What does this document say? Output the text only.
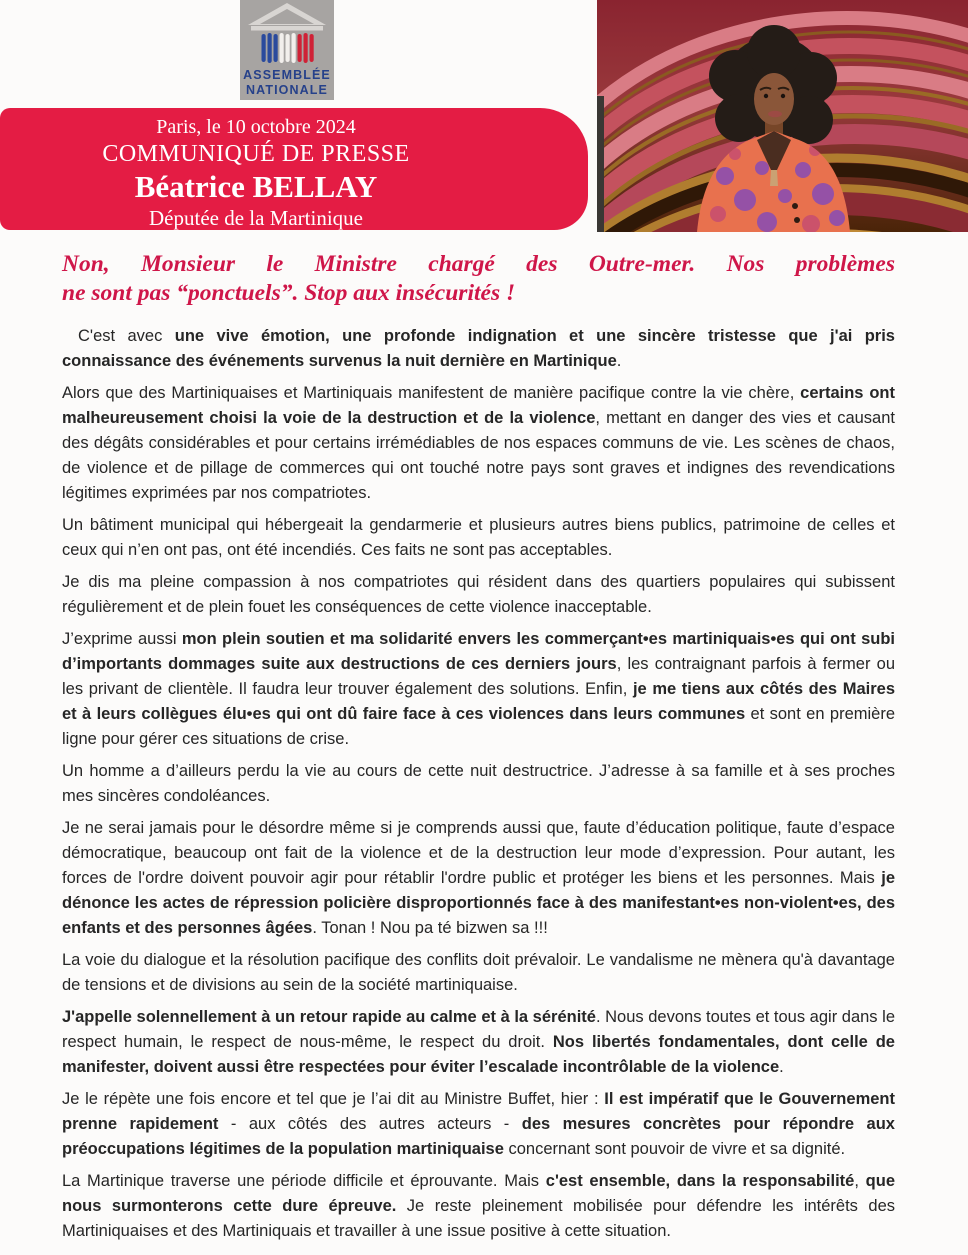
ASSEMBLÉE
NATIONALE
Paris, le 10 octobre 2024
COMMUNIQUÉ DE PRESSE
Béatrice BELLAY
Députée de la Martinique
Non, Monsieur le Ministre chargé des Outre-mer. Nos problèmes
ne sont pas “ponctuels”. Stop aux insécurités !

C'est avec une vive émotion, une profonde indignation et une sincère tristesse que j'ai pris connaissance des événements survenus la nuit dernière en Martinique.

Alors que des Martiniquaises et Martiniquais manifestent de manière pacifique contre la vie chère, certains ont malheureusement choisi la voie de la destruction et de la violence, mettant en danger des vies et causant des dégâts considérables et pour certains irrémédiables de nos espaces communs de vie. Les scènes de chaos, de violence et de pillage de commerces qui ont touché notre pays sont graves et indignes des revendications légitimes exprimées par nos compatriotes.

Un bâtiment municipal qui hébergeait la gendarmerie et plusieurs autres biens publics, patrimoine de celles et ceux qui n’en ont pas, ont été incendiés. Ces faits ne sont pas acceptables.

Je dis ma pleine compassion à nos compatriotes qui résident dans des quartiers populaires qui subissent régulièrement et de plein fouet les conséquences de cette violence inacceptable.

J’exprime aussi mon plein soutien et ma solidarité envers les commerçant•es martiniquais•es qui ont subi d’importants dommages suite aux destructions de ces derniers jours, les contraignant parfois à fermer ou les privant de clientèle. Il faudra leur trouver également des solutions. Enfin, je me tiens aux côtés des Maires et à leurs collègues élu•es qui ont dû faire face à ces violences dans leurs communes et sont en première ligne pour gérer ces situations de crise.

Un homme a d’ailleurs perdu la vie au cours de cette nuit destructrice. J’adresse à sa famille et à ses proches mes sincères condoléances.

Je ne serai jamais pour le désordre même si je comprends aussi que, faute d’éducation politique, faute d’espace démocratique, beaucoup ont fait de la violence et de la destruction leur mode d’expression. Pour autant, les forces de l'ordre doivent pouvoir agir pour rétablir l'ordre public et protéger les biens et les personnes. Mais je dénonce les actes de répression policière disproportionnés face à des manifestant•es non-violent•es, des enfants et des personnes âgées. Tonan ! Nou pa té bizwen sa !!!

La voie du dialogue et la résolution pacifique des conflits doit prévaloir. Le vandalisme ne mènera qu'à davantage de tensions et de divisions au sein de la société martiniquaise.

J'appelle solennellement à un retour rapide au calme et à la sérénité. Nous devons toutes et tous agir dans le respect humain, le respect de nous-même, le respect du droit. Nos libertés fondamentales, dont celle de manifester, doivent aussi être respectées pour éviter l’escalade incontrôlable de la violence.

Je le répète une fois encore et tel que je l’ai dit au Ministre Buffet, hier : Il est impératif que le Gouvernement prenne rapidement - aux côtés des autres acteurs - des mesures concrètes pour répondre aux préoccupations légitimes de la population martiniquaise concernant sont pouvoir de vivre et sa dignité.

La Martinique traverse une période difficile et éprouvante. Mais c'est ensemble, dans la responsabilité, que nous surmonterons cette dure épreuve. Je reste pleinement mobilisée pour défendre les intérêts des Martiniquaises et des Martiniquais et travailler à une issue positive à cette situation.
